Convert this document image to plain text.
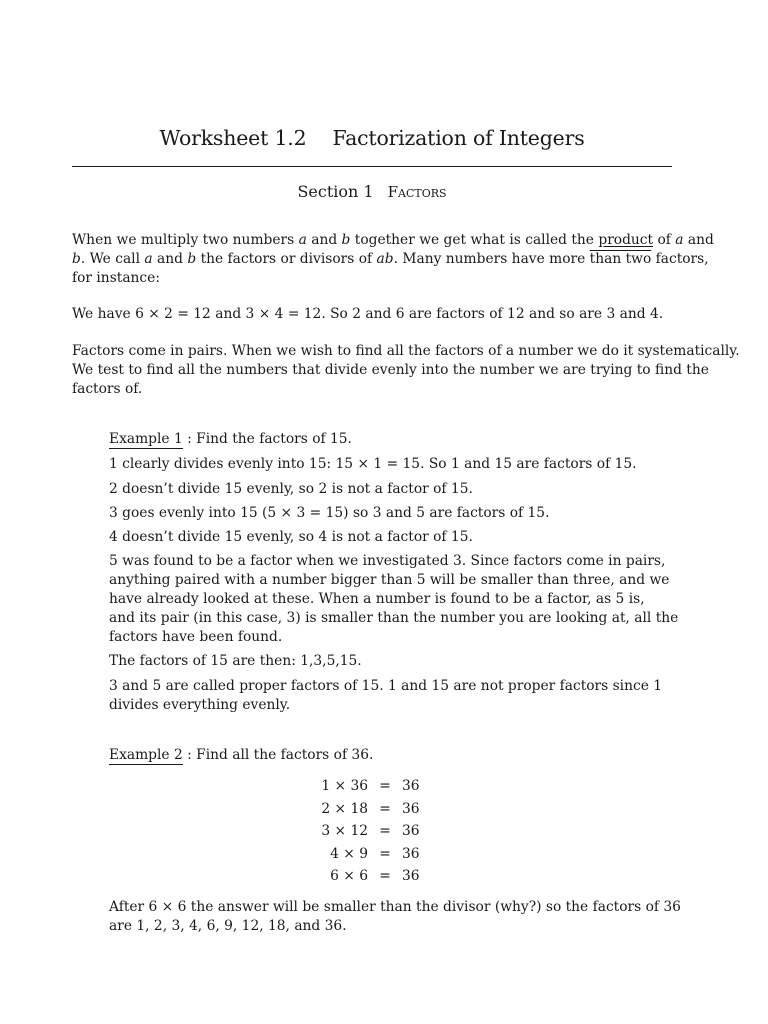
Worksheet 1.2 Factorization of Integers
Section 1 Factors
When we multiply two numbers a and b together we get what is called the product of a and
b. We call a and b the factors or divisors of ab. Many numbers have more than two factors,
for instance:
We have 6 × 2 = 12 and 3 × 4 = 12. So 2 and 6 are factors of 12 and so are 3 and 4.
Factors come in pairs. When we wish to find all the factors of a number we do it systematically.
We test to find all the numbers that divide evenly into the number we are trying to find the
factors of.
Example 1 : Find the factors of 15.
1 clearly divides evenly into 15: 15 × 1 = 15. So 1 and 15 are factors of 15.
2 doesn’t divide 15 evenly, so 2 is not a factor of 15.
3 goes evenly into 15 (5 × 3 = 15) so 3 and 5 are factors of 15.
4 doesn’t divide 15 evenly, so 4 is not a factor of 15.
5 was found to be a factor when we investigated 3. Since factors come in pairs,
anything paired with a number bigger than 5 will be smaller than three, and we
have already looked at these. When a number is found to be a factor, as 5 is,
and its pair (in this case, 3) is smaller than the number you are looking at, all the
factors have been found.
The factors of 15 are then: 1,3,5,15.
3 and 5 are called proper factors of 15. 1 and 15 are not proper factors since 1
divides everything evenly.
Example 2 : Find all the factors of 36.
1 × 36 = 36
2 × 18 = 36
3 × 12 = 36
4 × 9 = 36
6 × 6 = 36
After 6 × 6 the answer will be smaller than the divisor (why?) so the factors of 36
are 1, 2, 3, 4, 6, 9, 12, 18, and 36.
